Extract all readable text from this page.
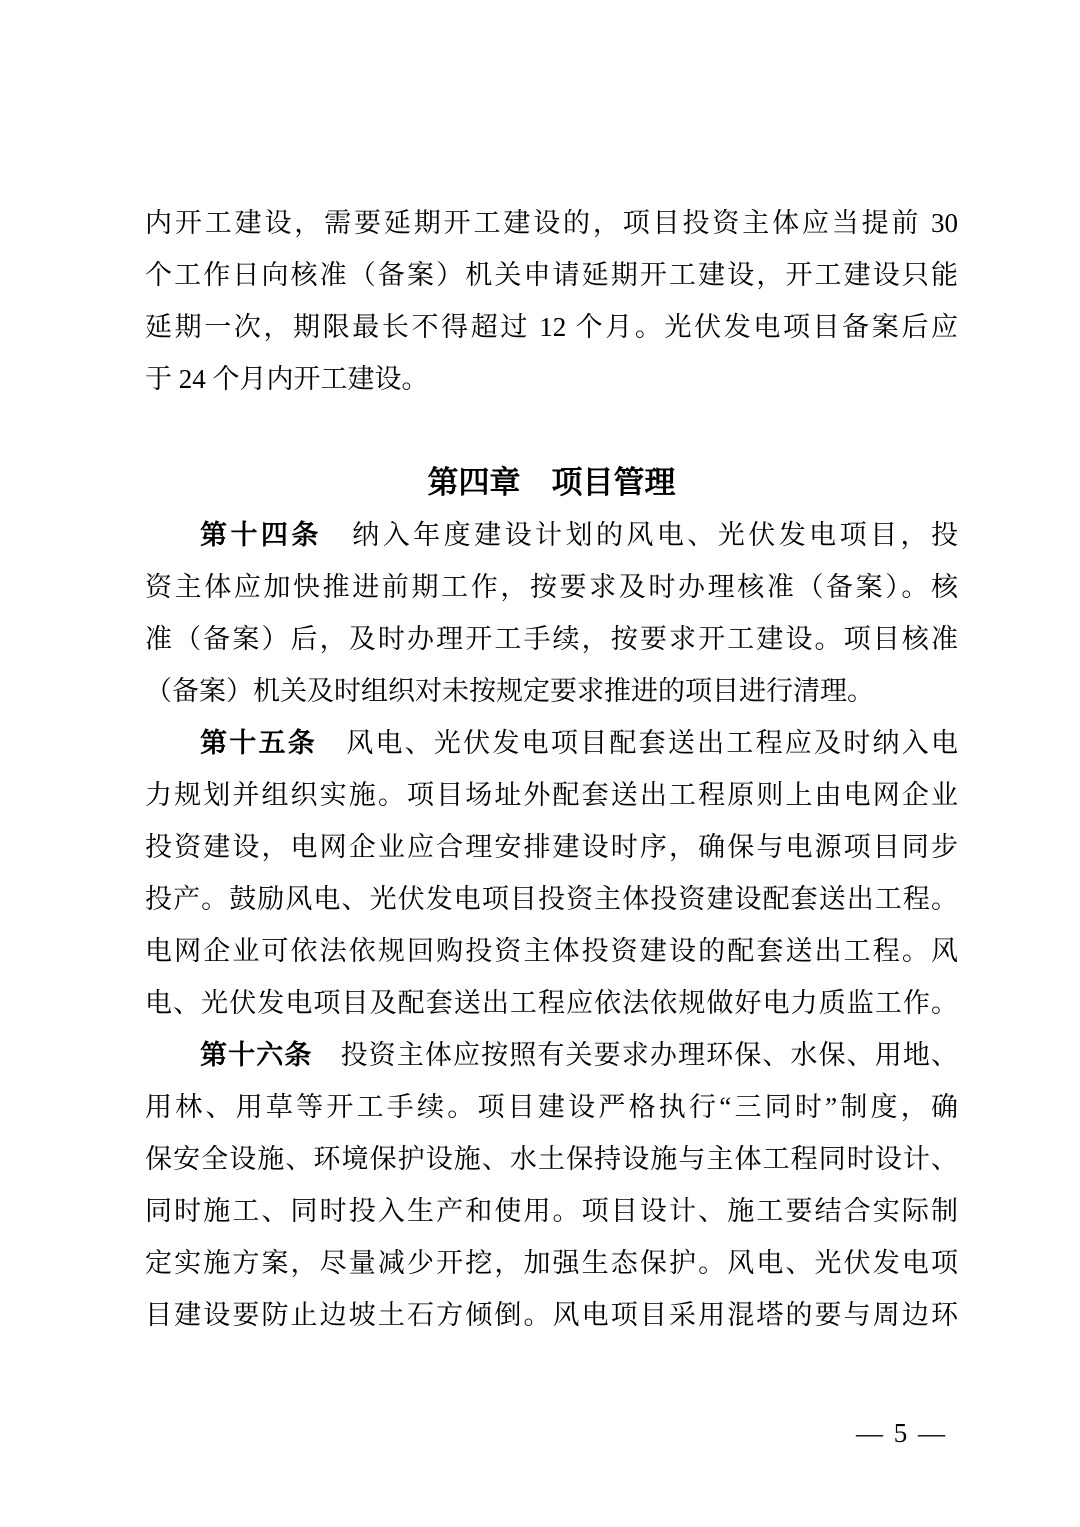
内开工建设，需要延期开工建设的，项目投资主体应当提前 30
个工作日向核准（备案）机关申请延期开工建设，开工建设只能
延期一次，期限最长不得超过 12 个月。光伏发电项目备案后应
于 24 个月内开工建设。
第四章　项目管理
第十四条　纳入年度建设计划的风电、光伏发电项目，投
资主体应加快推进前期工作，按要求及时办理核准（备案）。核
准（备案）后，及时办理开工手续，按要求开工建设。项目核准
（备案）机关及时组织对未按规定要求推进的项目进行清理。
第十五条　风电、光伏发电项目配套送出工程应及时纳入电
力规划并组织实施。项目场址外配套送出工程原则上由电网企业
投资建设，电网企业应合理安排建设时序，确保与电源项目同步
投产。鼓励风电、光伏发电项目投资主体投资建设配套送出工程。
电网企业可依法依规回购投资主体投资建设的配套送出工程。风
电、光伏发电项目及配套送出工程应依法依规做好电力质监工作。
第十六条　投资主体应按照有关要求办理环保、水保、用地、
用林、用草等开工手续。项目建设严格执行“三同时”制度，确
保安全设施、环境保护设施、水土保持设施与主体工程同时设计、
同时施工、同时投入生产和使用。项目设计、施工要结合实际制
定实施方案，尽量减少开挖，加强生态保护。风电、光伏发电项
目建设要防止边坡土石方倾倒。风电项目采用混塔的要与周边环
— 5 —
